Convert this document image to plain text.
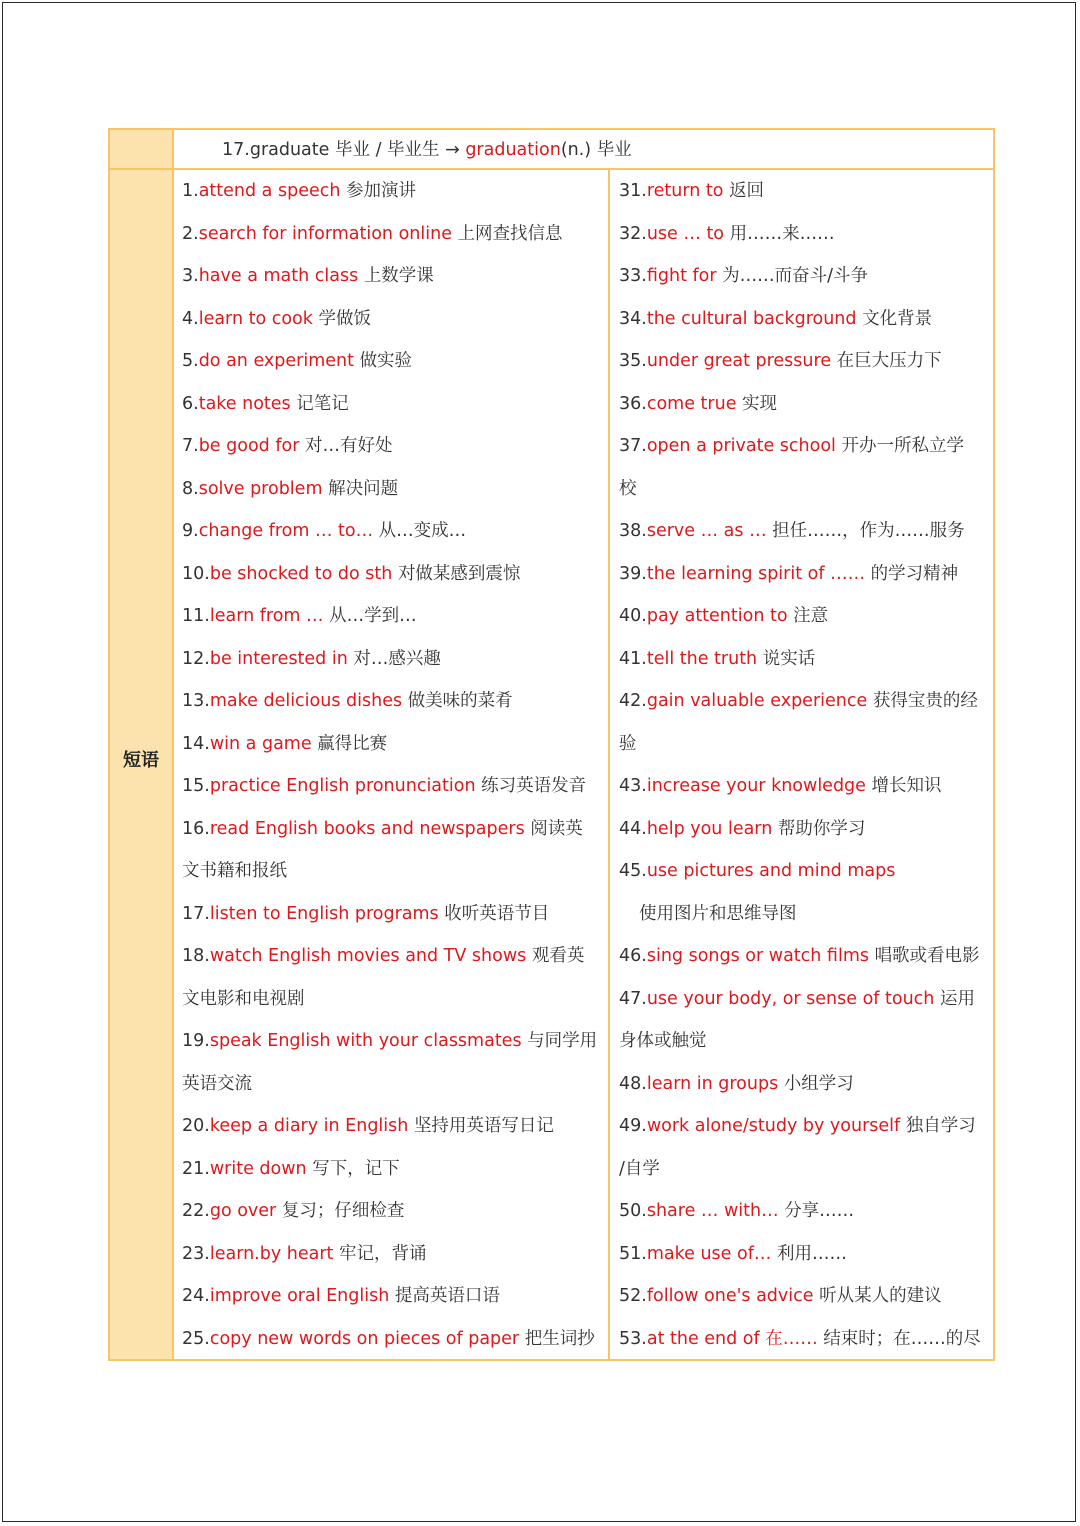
短语
17.graduate 毕业 / 毕业生 → graduation(n.) 毕业
1.attend a speech 参加演讲
2.search for information online 上网查找信息
3.have a math class 上数学课
4.learn to cook 学做饭
5.do an experiment 做实验
6.take notes 记笔记
7.be good for 对…有好处
8.solve problem 解决问题
9.change from … to… 从…变成…
10.be shocked to do sth 对做某感到震惊
11.learn from … 从…学到…
12.be interested in 对…感兴趣
13.make delicious dishes 做美味的菜肴
14.win a game 赢得比赛
15.practice English pronunciation 练习英语发音
16.read English books and newspapers 阅读英
文书籍和报纸
17.listen to English programs 收听英语节目
18.watch English movies and TV shows 观看英
文电影和电视剧
19.speak English with your classmates 与同学用
英语交流
20.keep a diary in English 坚持用英语写日记
21.write down 写下，记下
22.go over 复习；仔细检查
23.learn.by heart 牢记，背诵
24.improve oral English 提高英语口语
25.copy new words on pieces of paper 把生词抄
31.return to 返回
32.use … to 用……来……
33.fight for 为……而奋斗/斗争
34.the cultural background 文化背景
35.under great pressure 在巨大压力下
36.come true 实现
37.open a private school 开办一所私立学
校
38.serve … as … 担任……，作为……服务
39.the learning spirit of …… 的学习精神
40.pay attention to 注意
41.tell the truth 说实话
42.gain valuable experience 获得宝贵的经
验
43.increase your knowledge 增长知识
44.help you learn 帮助你学习
45.use pictures and mind maps
使用图片和思维导图
46.sing songs or watch films 唱歌或看电影
47.use your body, or sense of touch 运用
身体或触觉
48.learn in groups 小组学习
49.work alone/study by yourself 独自学习
/自学
50.share … with… 分享……
51.make use of… 利用……
52.follow one's advice 听从某人的建议
53.at the end of 在…… 结束时；在……的尽
